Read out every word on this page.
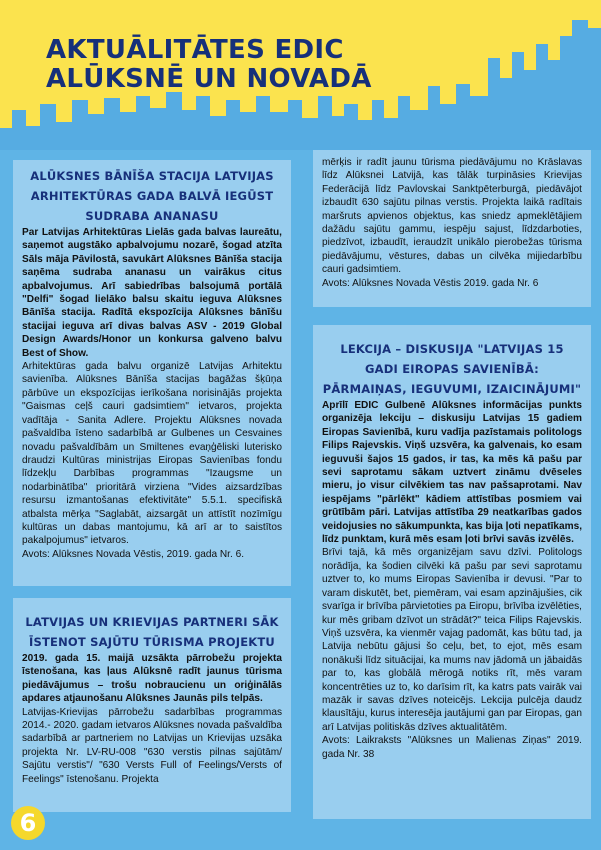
AKTUĀLITĀTES EDIC
ALŪKSNĒ UN NOVADĀ
ALŪKSNES BĀNĪŠA STACIJA LATVIJAS ARHITEKTŪRAS GADA BALVĀ IEGŪST SUDRABA ANANASU

Par Latvijas Arhitektūras Lielās gada balvas laureātu, saņemot augstāko apbalvojumu nozarē, šogad atzīta Sāls māja Pāvilostā, savukārt Alūksnes Bānīša stacija saņēma sudraba ananasu un vairākus citus apbalvojumus. Arī sabiedrības balsojumā portālā "Delfi" šogad lielāko balsu skaitu ieguva Alūksnes Bānīša stacija. Radītā ekspozīcija Alūksnes bānīšu stacijai ieguva arī divas balvas ASV - 2019 Global Design Awards/Honor un konkursa galveno balvu Best of Show.

Arhitektūras gada balvu organizē Latvijas Arhitektu savienība. Alūksnes Bānīša stacijas bagāžas šķūņa pārbūve un ekspozīcijas ierīkošana norisinājās projekta "Gaismas ceļš cauri gadsimtiem" ietvaros, projekta vadītāja - Sanita Adlere. Projektu Alūksnes novada pašvaldība īsteno sadarbībā ar Gulbenes un Cesvaines novadu pašvaldībām un Smiltenes evaņģēliski luterisko draudzi Kultūras ministrijas Eiropas Savienības fondu līdzekļu Darbības programmas "Izaugsme un nodarbinātība" prioritārā virziena "Vides aizsardzības resursu izmantošanas efektivitāte" 5.5.1. specifiskā atbalsta mērķa "Saglabāt, aizsargāt un attīstīt nozīmīgu kultūras un dabas mantojumu, kā arī ar to saistītos pakalpojumus" ietvaros.

Avots: Alūksnes Novada Vēstis, 2019. gada Nr. 6.

LATVIJAS UN KRIEVIJAS PARTNERI SĀK ĪSTENOT SAJŪTU TŪRISMA PROJEKTU

2019. gada 15. maijā uzsākta pārrobežu projekta īstenošana, kas ļaus Alūksnē radīt jaunus tūrisma piedāvājumus – trošu nobraucienu un oriģinālās apdares atjaunošanu Alūksnes Jaunās pils telpās.

Latvijas-Krievijas pārrobežu sadarbības programmas 2014.- 2020. gadam ietvaros Alūksnes novada pašvaldība sadarbībā ar partneriem no Latvijas un Krievijas uzsāka projekta Nr. LV-RU-008 "630 verstis pilnas sajūtām/ Sajūtu verstis"/ "630 Versts Full of Feelings/Versts of Feelings" īstenošanu. Projekta

mērķis ir radīt jaunu tūrisma piedāvājumu no Krāslavas līdz Alūksnei Latvijā, kas tālāk turpināsies Krievijas Federācijā līdz Pavlovskai Sanktpēterburgā, piedāvājot izbaudīt 630 sajūtu pilnas verstis. Projekta laikā radītais maršruts apvienos objektus, kas sniedz apmeklētājiem dažādu sajūtu gammu, iespēju sajust, līdzdarboties, piedzīvot, izbaudīt, ieraudzīt unikālo pierobežas tūrisma piedāvājumu, vēstures, dabas un cilvēka mijiedarbību cauri gadsimtiem.

Avots: Alūksnes Novada Vēstis 2019. gada Nr. 6

LEKCIJA – DISKUSIJA "LATVIJAS 15 GADI EIROPAS SAVIENĪBĀ: PĀRMAIŅAS, IEGUVUMI, IZAICINĀJUMI"

Aprīlī EDIC Gulbenē Alūksnes informācijas punkts organizēja lekciju – diskusiju Latvijas 15 gadiem Eiropas Savienībā, kuru vadīja pazīstamais politologs Filips Rajevskis. Viņš uzsvēra, ka galvenais, ko esam ieguvuši šajos 15 gados, ir tas, ka mēs kā pašu par sevi saprotamu sākam uztvert zināmu dvēseles mieru, jo visur cilvēkiem tas nav pašsaprotami. Nav iespējams "pārlēkt" kādiem attīstības posmiem vai grūtībām pāri. Latvijas attīstība 29 neatkarības gados veidojusies no sākumpunkta, kas bija ļoti nepatīkams, līdz punktam, kurā mēs esam ļoti brīvi savās izvēlēs.

Brīvi tajā, kā mēs organizējam savu dzīvi. Politologs norādīja, ka šodien cilvēki kā pašu par sevi saprotamu uztver to, ko mums Eiropas Savienība ir devusi. "Par to varam diskutēt, bet, piemēram, vai esam apzinājušies, cik svarīga ir brīvība pārvietoties pa Eiropu, brīvība izvēlēties, kur mēs gribam dzīvot un strādāt?" teica Filips Rajevskis. Viņš uzsvēra, ka vienmēr vajag padomāt, kas būtu tad, ja Latvija nebūtu gājusi šo ceļu, bet, to ejot, mēs esam nonākuši līdz situācijai, ka mums nav jādomā un jābaidās par to, kas globālā mērogā notiks rīt, mēs varam koncentrēties uz to, ko darīsim rīt, ka katrs pats vairāk vai mazāk ir savas dzīves noteicējs. Lekcija pulcēja daudz klausītāju, kurus interesēja jautājumi gan par Eiropas, gan arī Latvijas politiskās dzīves aktualitātēm.

Avots: Laikraksts "Alūksnes un Malienas Ziņas" 2019. gada Nr. 38

6
